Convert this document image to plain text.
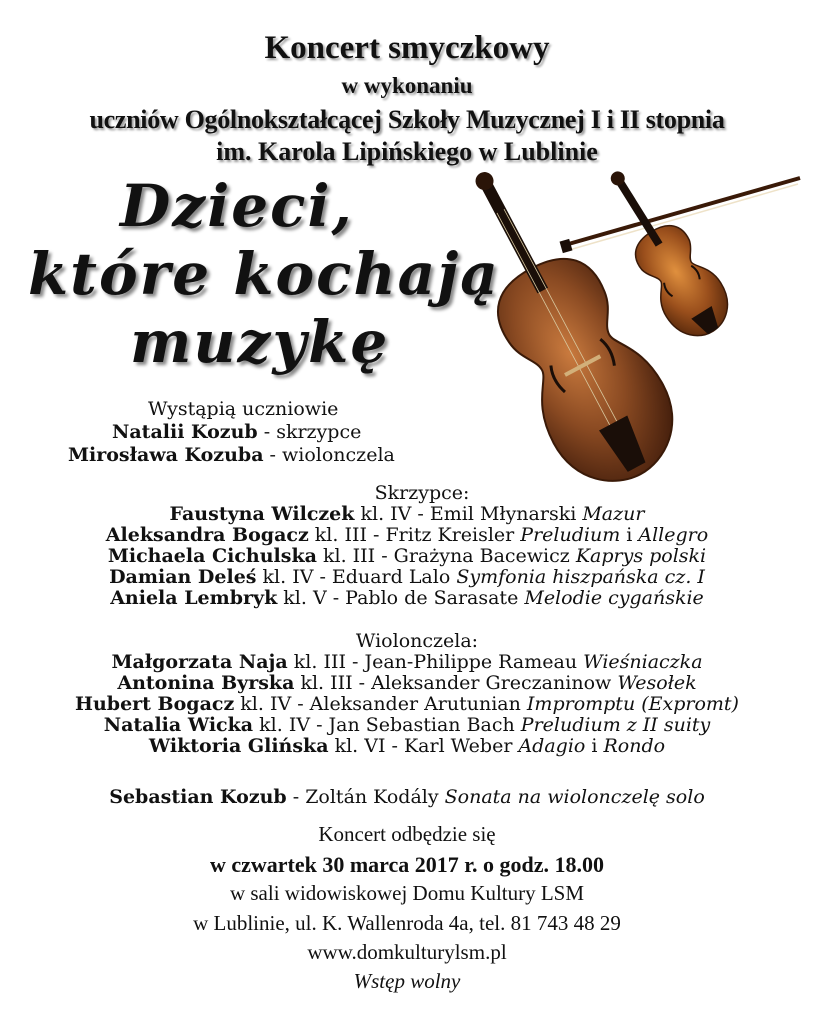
Koncert smyczkowy
w wykonaniu
uczniów Ogólnokształcącej Szkoły Muzycznej I i II stopnia
im. Karola Lipińskiego w Lublinie
Dzieci,
które kochają
muzykę
Wystąpią uczniowie
Natalii Kozub - skrzypce
Mirosława Kozuba - wiolonczela
Skrzypce:
Faustyna Wilczek kl. IV - Emil Młynarski Mazur
Aleksandra Bogacz kl. III - Fritz Kreisler Preludium i Allegro
Michaela Cichulska kl. III - Grażyna Bacewicz Kaprys polski
Damian Deleś kl. IV - Eduard Lalo Symfonia hiszpańska cz. I
Aniela Lembryk kl. V - Pablo de Sarasate Melodie cygańskie
Wiolonczela:
Małgorzata Naja kl. III - Jean-Philippe Rameau Wieśniaczka
Antonina Byrska kl. III - Aleksander Greczaninow Wesołek
Hubert Bogacz kl. IV - Aleksander Arutunian Impromptu (Expromt)
Natalia Wicka kl. IV - Jan Sebastian Bach Preludium z II suity
Wiktoria Glińska kl. VI - Karl Weber Adagio i Rondo
Sebastian Kozub - Zoltán Kodály Sonata na wiolonczelę solo
Koncert odbędzie się
w czwartek 30 marca 2017 r. o godz. 18.00
w sali widowiskowej Domu Kultury LSM
w Lublinie, ul. K. Wallenroda 4a, tel. 81 743 48 29
www.domkulturylsm.pl
Wstęp wolny
